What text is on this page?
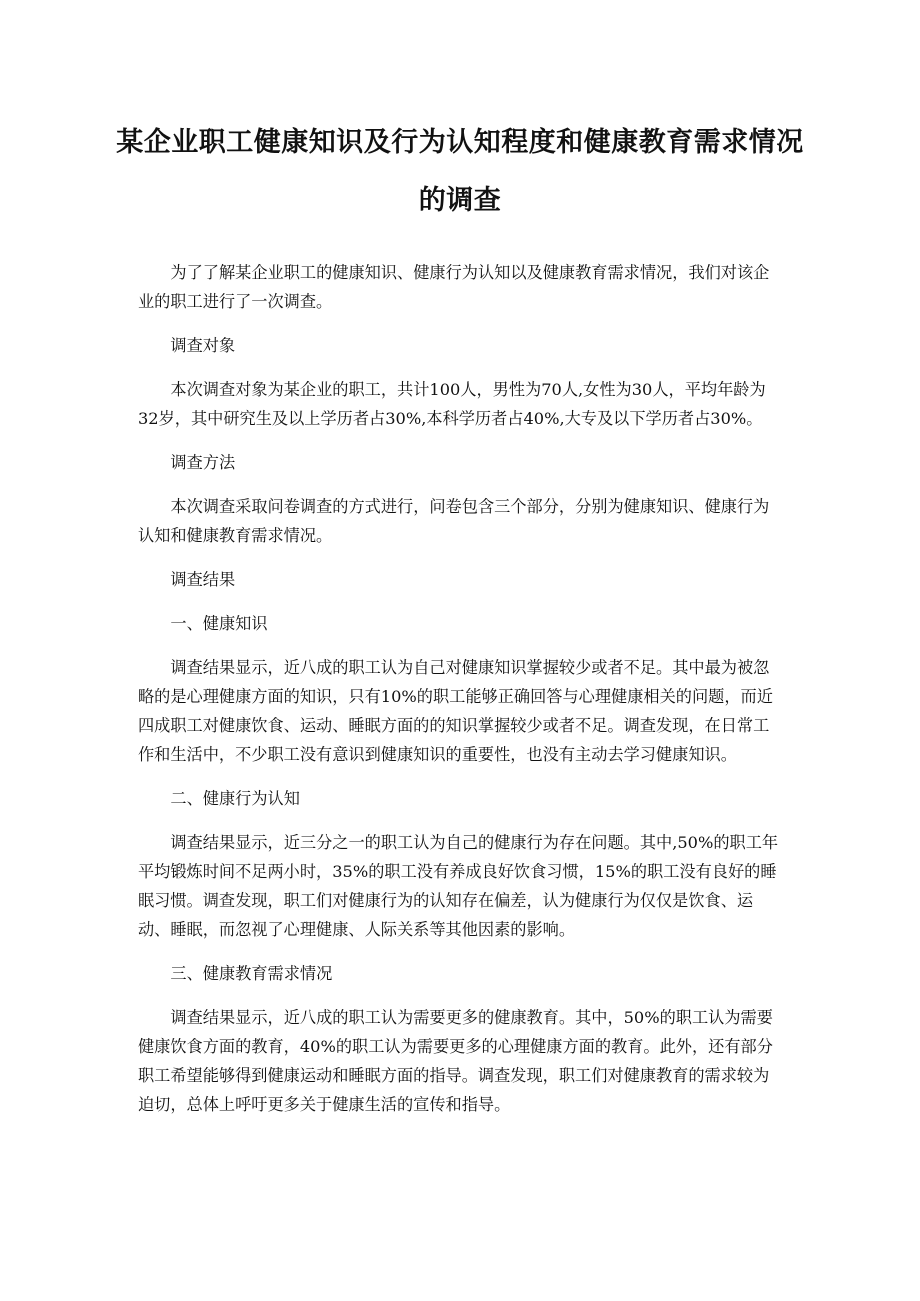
某企业职工健康知识及行为认知程度和健康教育需求情况
的调查

为了了解某企业职工的健康知识、健康行为认知以及健康教育需求情况，我们对该企业的职工进行了一次调查。

调查对象

本次调查对象为某企业的职工，共计100人，男性为70人,女性为30人，平均年龄为32岁，其中研究生及以上学历者占30%,本科学历者占40%,大专及以下学历者占30%。

调查方法

本次调查采取问卷调查的方式进行，问卷包含三个部分，分别为健康知识、健康行为认知和健康教育需求情况。

调查结果

一、健康知识

调查结果显示，近八成的职工认为自己对健康知识掌握较少或者不足。其中最为被忽略的是心理健康方面的知识，只有10%的职工能够正确回答与心理健康相关的问题，而近四成职工对健康饮食、运动、睡眠方面的的知识掌握较少或者不足。调查发现，在日常工作和生活中，不少职工没有意识到健康知识的重要性，也没有主动去学习健康知识。

二、健康行为认知

调查结果显示，近三分之一的职工认为自己的健康行为存在问题。其中,50%的职工年平均锻炼时间不足两小时，35%的职工没有养成良好饮食习惯，15%的职工没有良好的睡眠习惯。调查发现，职工们对健康行为的认知存在偏差，认为健康行为仅仅是饮食、运动、睡眠，而忽视了心理健康、人际关系等其他因素的影响。

三、健康教育需求情况

调查结果显示，近八成的职工认为需要更多的健康教育。其中，50%的职工认为需要健康饮食方面的教育，40%的职工认为需要更多的心理健康方面的教育。此外，还有部分职工希望能够得到健康运动和睡眠方面的指导。调查发现，职工们对健康教育的需求较为迫切，总体上呼吁更多关于健康生活的宣传和指导。
